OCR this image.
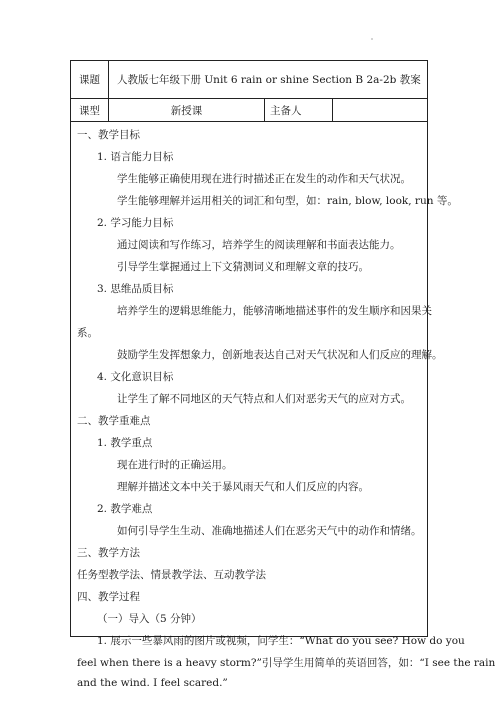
课题	人教版七年级下册 Unit 6 rain or shine Section B 2a-2b 教案
课型	新授课	主备人
一、教学目标
1. 语言能力目标
学生能够正确使用现在进行时描述正在发生的动作和天气状况。
学生能够理解并运用相关的词汇和句型，如：rain, blow, look, run 等。
2. 学习能力目标
通过阅读和写作练习，培养学生的阅读理解和书面表达能力。
引导学生掌握通过上下文猜测词义和理解文章的技巧。
3. 思维品质目标
培养学生的逻辑思维能力，能够清晰地描述事件的发生顺序和因果关
系。
鼓励学生发挥想象力，创新地表达自己对天气状况和人们反应的理解。
4. 文化意识目标
让学生了解不同地区的天气特点和人们对恶劣天气的应对方式。
二、教学重难点
1. 教学重点
现在进行时的正确运用。
理解并描述文本中关于暴风雨天气和人们反应的内容。
2. 教学难点
如何引导学生生动、准确地描述人们在恶劣天气中的动作和情绪。
三、教学方法
任务型教学法、情景教学法、互动教学法
四、教学过程
（一）导入（5 分钟）
1. 展示一些暴风雨的图片或视频，问学生：“What do you see? How do you
feel when there is a heavy storm?”引导学生用简单的英语回答，如：“I see the rain
and the wind. I feel scared.”
